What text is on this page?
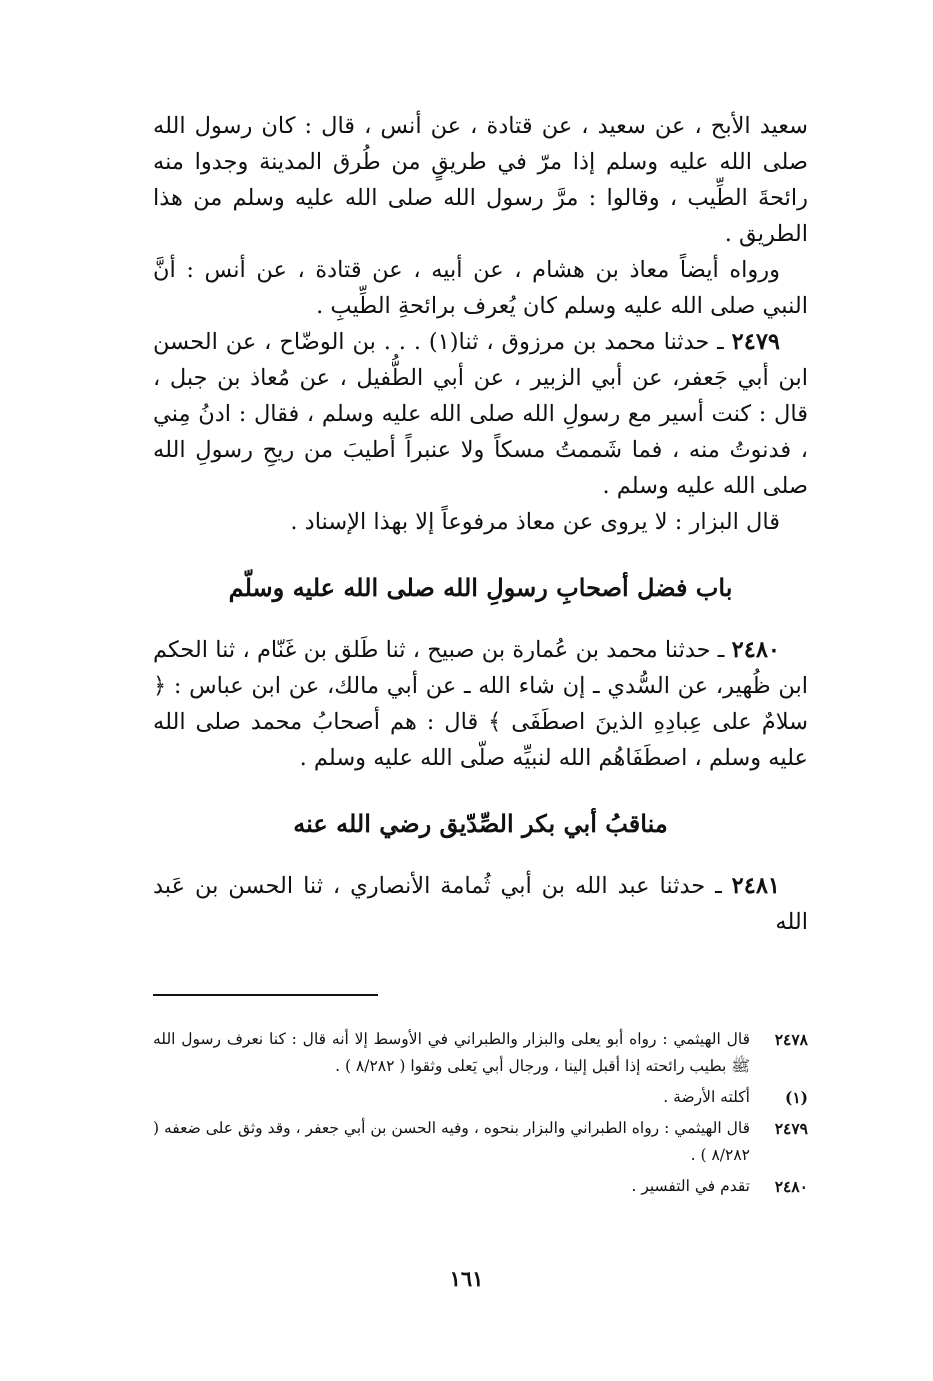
سعيد الأبح ، عن سعيد ، عن قتادة ، عن أنس ، قال : كان رسول الله صلى الله عليه وسلم إذا مرّ في طريقٍ من طُرق المدينة وجدوا منه رائحةَ الطِّيب ، وقالوا : مرَّ رسول الله صلى الله عليه وسلم من هذا الطريق .

ورواه أيضاً معاذ بن هشام ، عن أبيه ، عن قتادة ، عن أنس : أنَّ النبي صلى الله عليه وسلم كان يُعرف برائحةِ الطِّيبِ .

٢٤٧٩ ـ حدثنا محمد بن مرزوق ، ثنا(١) . . . بن الوضّاح ، عن الحسن ابن أبي جَعفر، عن أبي الزبير ، عن أبي الطُّفيل ، عن مُعاذ بن جبل ، قال : كنت أسير مع رسولِ الله صلى الله عليه وسلم ، فقال : ادنُ مِني ، فدنوتُ منه ، فما شَممتُ مسكاً ولا عنبراً أطيبَ من ريحِ رسولِ الله صلى الله عليه وسلم .

قال البزار : لا يروى عن معاذ مرفوعاً إلا بهذا الإسناد .

باب فضل أصحابِ رسولِ الله صلى الله عليه وسلّم

٢٤٨٠ ـ حدثنا محمد بن عُمارة بن صبيح ، ثنا طَلق بن غَنّام ، ثنا الحكم ابن ظُهير، عن السُّدي ـ إن شاء الله ـ عن أبي مالك، عن ابن عباس : ﴿ سلامٌ على عِبادِهِ الذينَ اصطَفَى ﴾ قال : هم أصحابُ محمد صلى الله عليه وسلم ، اصطَفَاهُم الله لنبيِّه صلّى الله عليه وسلم .

مناقبُ أبي بكر الصِّدّيق رضي الله عنه

٢٤٨١ ـ حدثنا عبد الله بن أبي ثُمامة الأنصاري ، ثنا الحسن بن عَبد الله

٢٤٧٨
قال الهيثمي : رواه أبو يعلى والبزار والطبراني في الأوسط إلا أنه قال : كنا نعرف رسول الله ﷺ بطيب رائحته إذا أقبل إلينا ، ورجال أبي يَعلى وثقوا ( ٨/٢٨٢ ) .
(١)
أكلته الأرضة .
٢٤٧٩
قال الهيثمي : رواه الطبراني والبزار بنحوه ، وفيه الحسن بن أبي جعفر ، وقد وثق على ضعفه ( ٨/٢٨٢ ) .
٢٤٨٠
تقدم في التفسير .
١٦١
